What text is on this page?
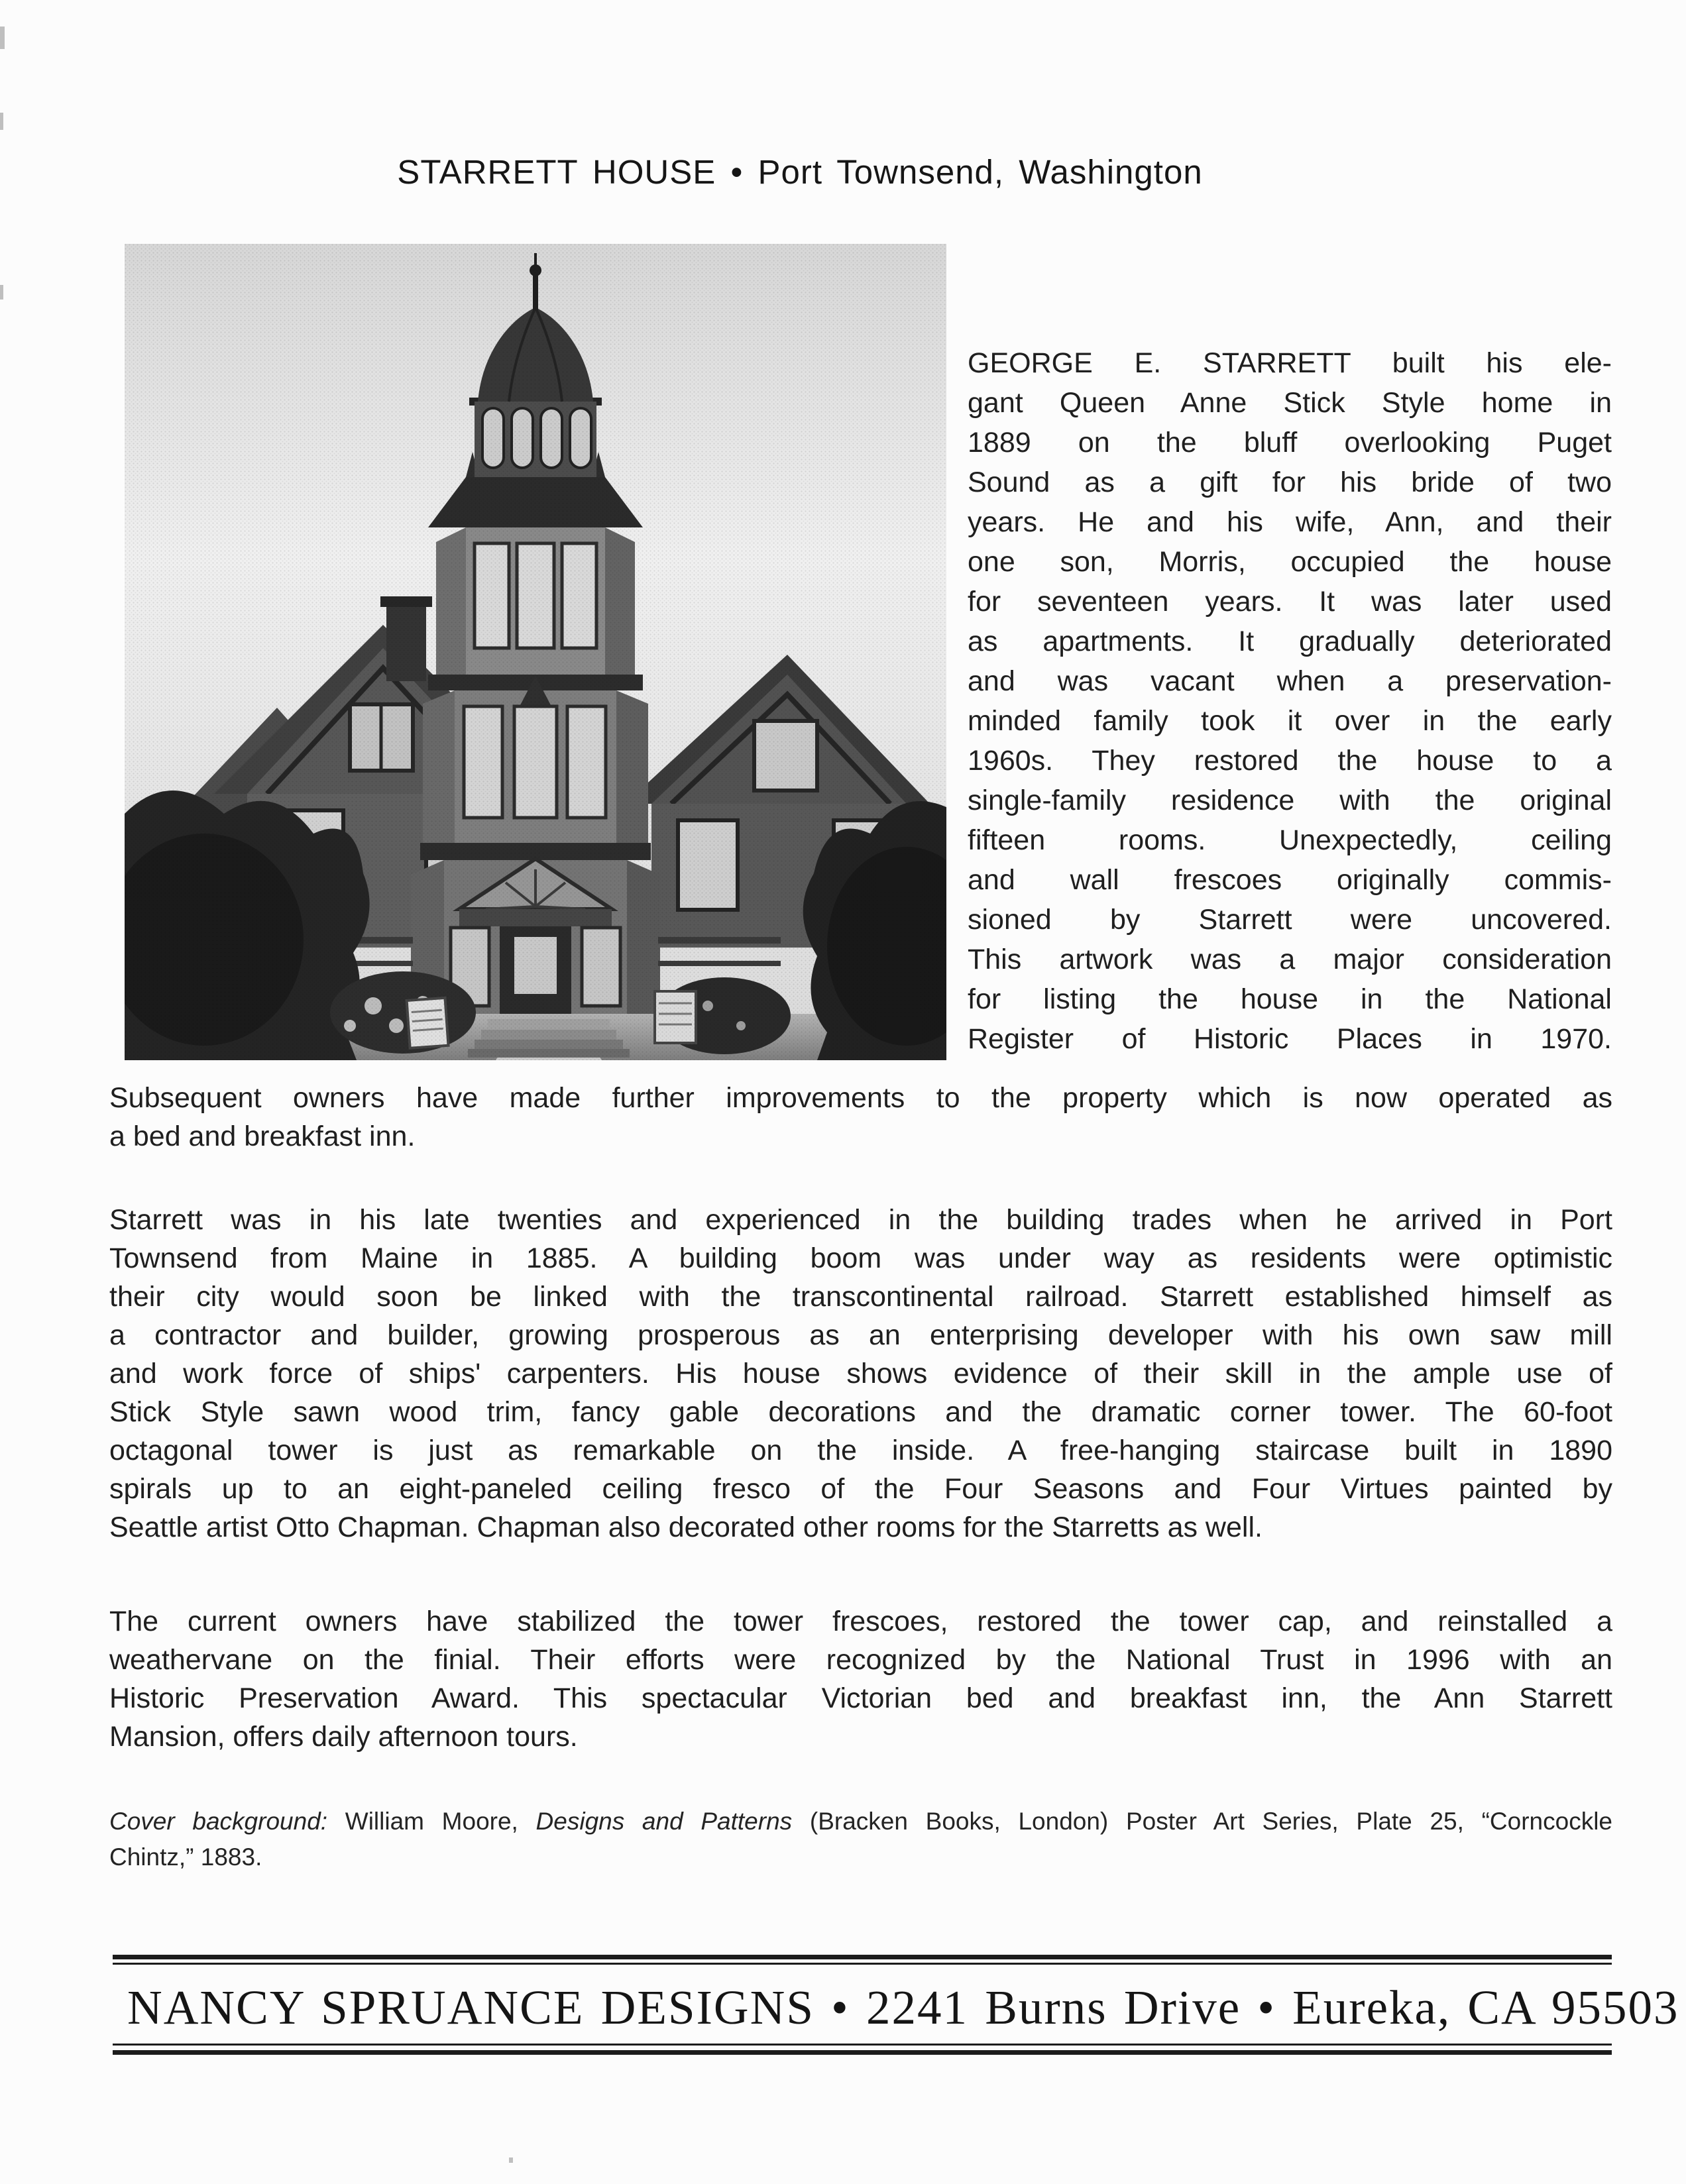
STARRETT HOUSE • Port Townsend, Washington
GEORGE E. STARRETT built his ele-
gant Queen Anne Stick Style home in
1889 on the bluff overlooking Puget
Sound as a gift for his bride of two
years. He and his wife, Ann, and their
one son, Morris, occupied the house
for seventeen years. It was later used
as apartments. It gradually deteriorated
and was vacant when a preservation-
minded family took it over in the early
1960s. They restored the house to a
single-family residence with the original
fifteen rooms. Unexpectedly, ceiling
and wall frescoes originally commis-
sioned by Starrett were uncovered.
This artwork was a major consideration
for listing the house in the National
Register of Historic Places in 1970.
Subsequent owners have made further improvements to the property which is now operated as
a bed and breakfast inn.
Starrett was in his late twenties and experienced in the building trades when he arrived in Port
Townsend from Maine in 1885. A building boom was under way as residents were optimistic
their city would soon be linked with the transcontinental railroad. Starrett established himself as
a contractor and builder, growing prosperous as an enterprising developer with his own saw mill
and work force of ships' carpenters. His house shows evidence of their skill in the ample use of
Stick Style sawn wood trim, fancy gable decorations and the dramatic corner tower. The 60-foot
octagonal tower is just as remarkable on the inside. A free-hanging staircase built in 1890
spirals up to an eight-paneled ceiling fresco of the Four Seasons and Four Virtues painted by
Seattle artist Otto Chapman. Chapman also decorated other rooms for the Starretts as well.
The current owners have stabilized the tower frescoes, restored the tower cap, and reinstalled a
weathervane on the finial. Their efforts were recognized by the National Trust in 1996 with an
Historic Preservation Award. This spectacular Victorian bed and breakfast inn, the Ann Starrett
Mansion, offers daily afternoon tours.
Cover background: William Moore, Designs and Patterns (Bracken Books, London) Poster Art Series, Plate 25, “Corncockle
Chintz,” 1883.
NANCY SPRUANCE DESIGNS • 2241 Burns Drive • Eureka, CA 95503
